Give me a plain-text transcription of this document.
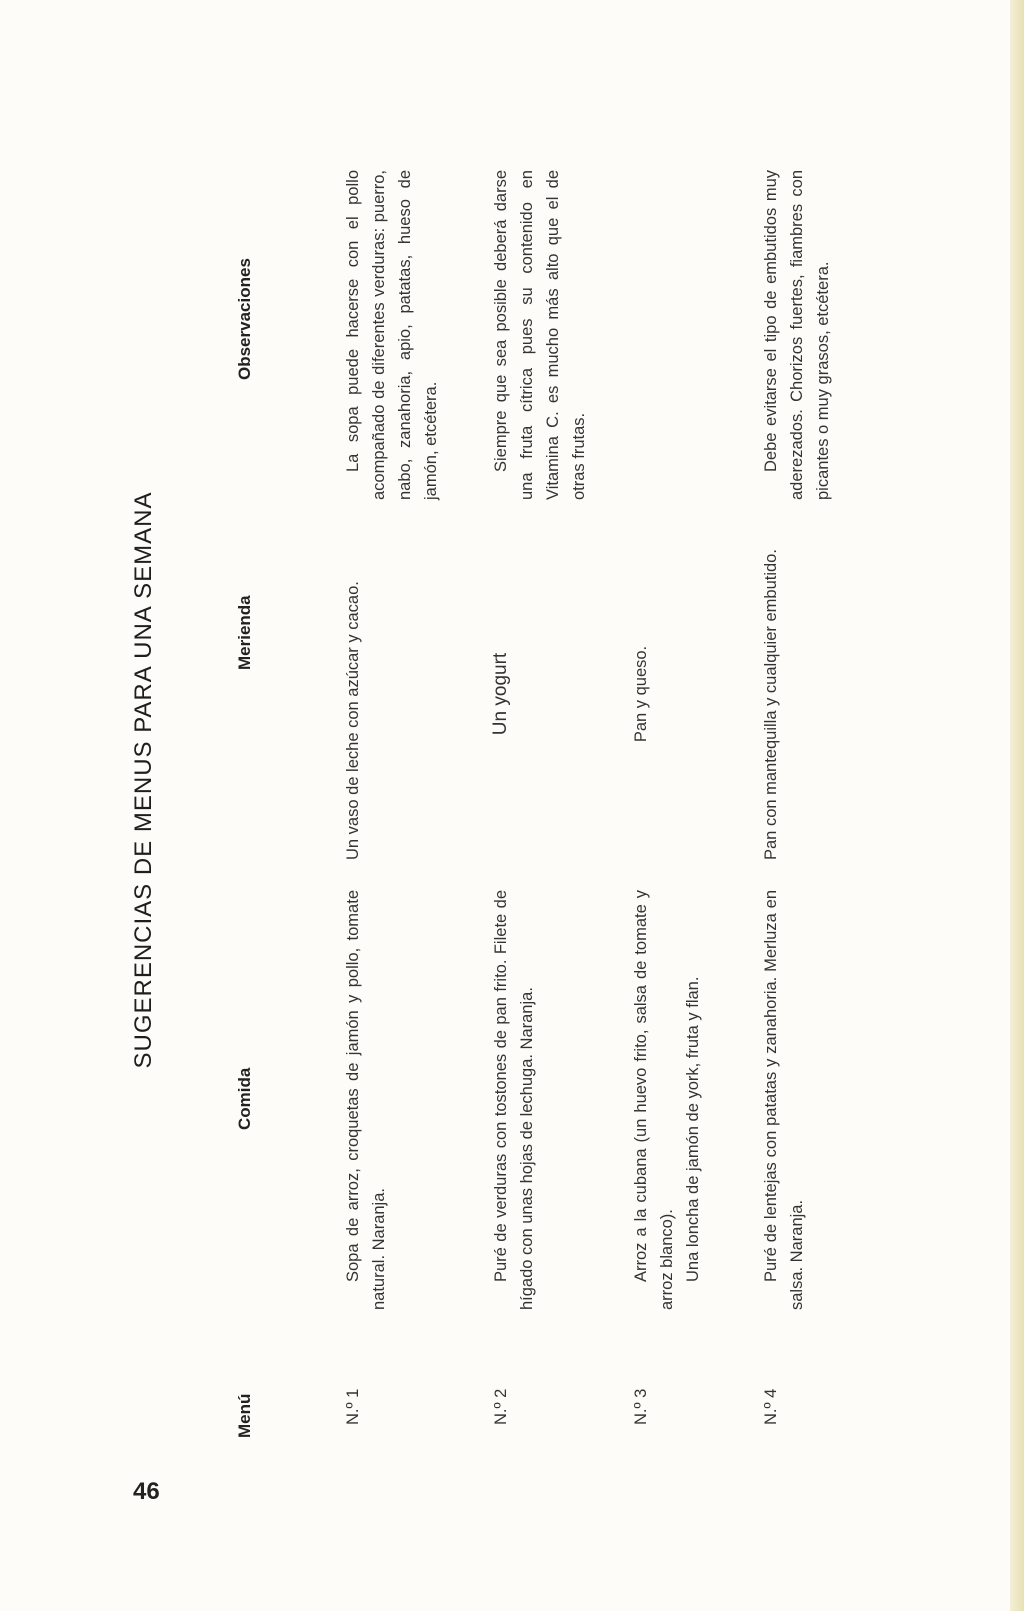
46
SUGERENCIAS DE MENUS PARA UNA SEMANA
Menú
Comida
Merienda
Observaciones
N.º 1
Sopa de arroz, croquetas de jamón y pollo, tomate natural. Naranja.
Un vaso de leche con azúcar y cacao.
La sopa puede hacerse con el pollo acompañado de diferentes verduras: puerro, nabo, zanahoria, apio, patatas, hueso de jamón, etcétera.
N.º 2
Puré de verduras con tostones de pan frito. Filete de hígado con unas hojas de lechuga. Naranja.
Un yogurt
Siempre que sea posible deberá darse una fruta cítrica pues su contenido en Vitamina C. es mucho más alto que el de otras frutas.
N.º 3
Arroz a la cubana (un huevo frito, salsa de tomate y arroz blanco). Una loncha de jamón de york, fruta y flan.
Pan y queso.
N.º 4
Puré de lentejas con patatas y zanahoria. Merluza en salsa. Naranja.
Pan con mantequilla y cualquier embutido.
Debe evitarse el tipo de embutidos muy aderezados. Chorizos fuertes, fiambres con picantes o muy grasos, etcétera.
